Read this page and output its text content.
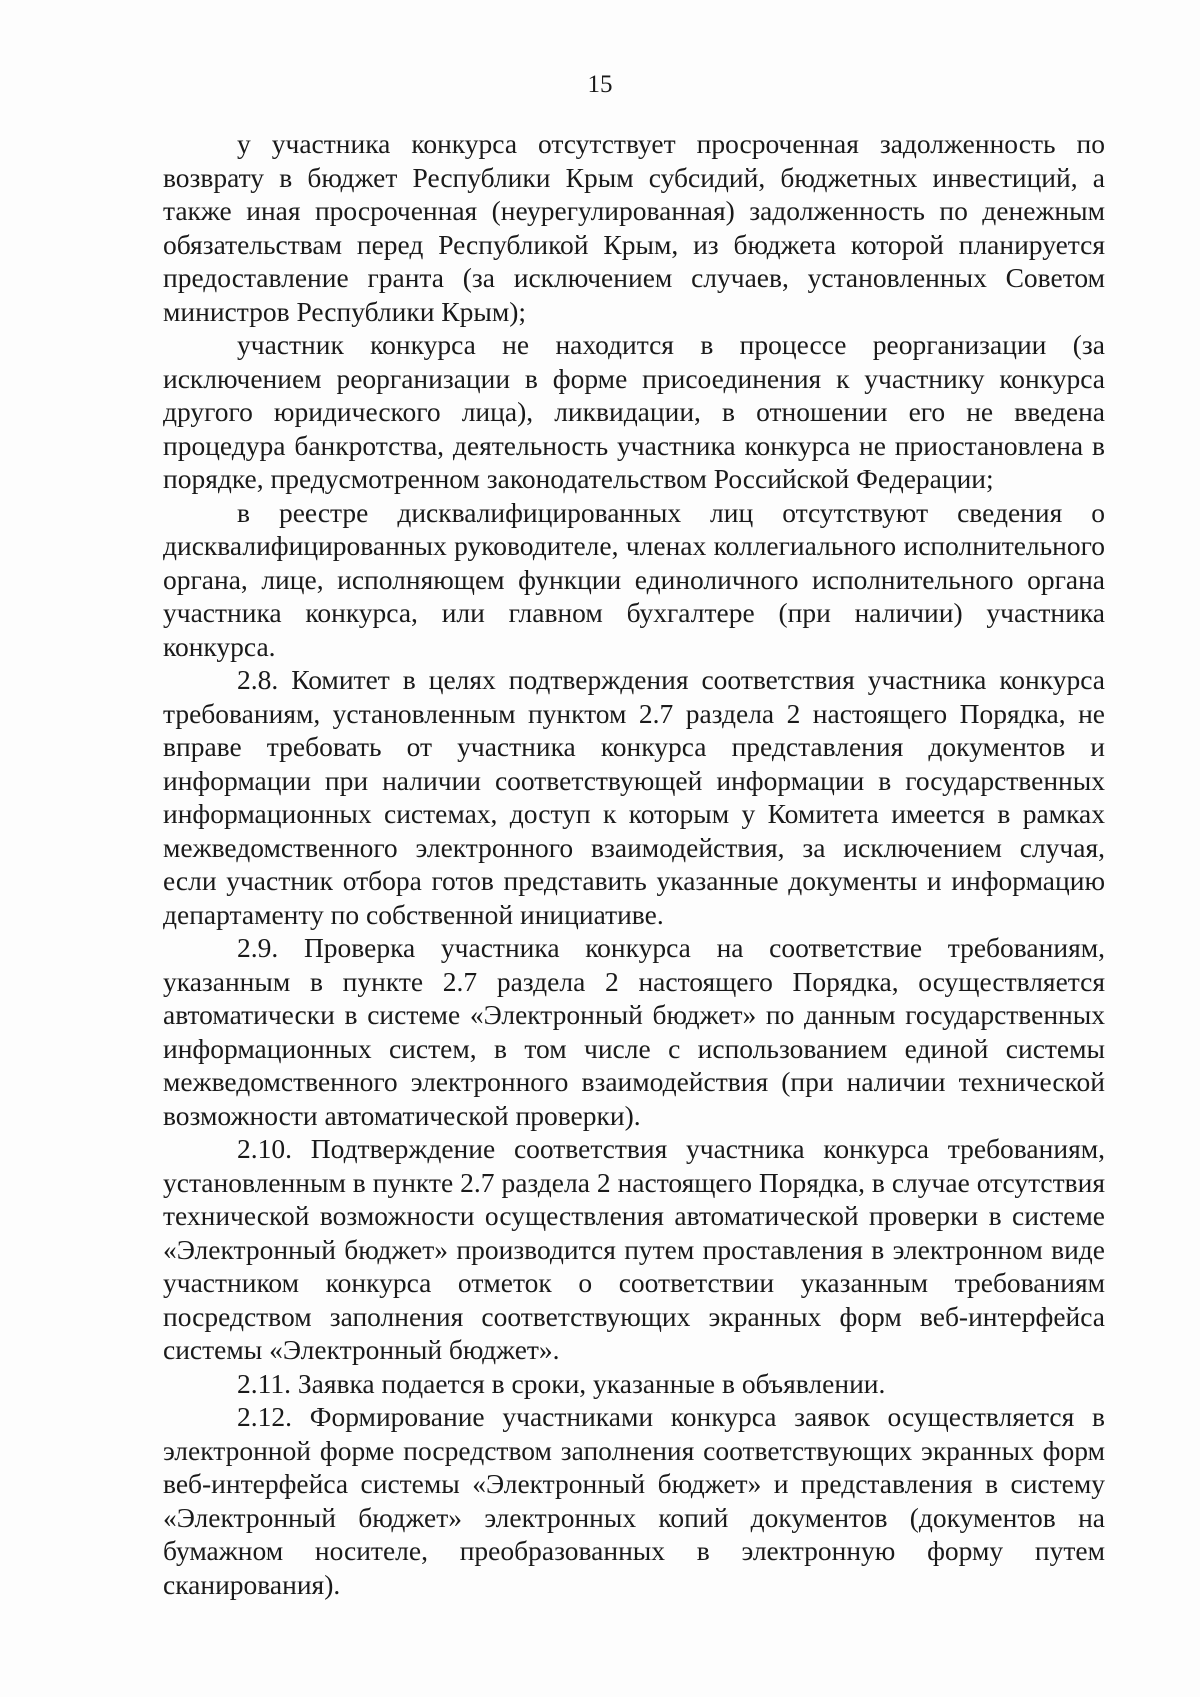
15

у участника конкурса отсутствует просроченная задолженность по возврату в бюджет Республики Крым субсидий, бюджетных инвестиций, а также иная просроченная (неурегулированная) задолженность по денежным обязательствам перед Республикой Крым, из бюджета которой планируется предоставление гранта (за исключением случаев, установленных Советом министров Республики Крым);

участник конкурса не находится в процессе реорганизации (за исключением реорганизации в форме присоединения к участнику конкурса другого юридического лица), ликвидации, в отношении его не введена процедура банкротства, деятельность участника конкурса не приостановлена в порядке, предусмотренном законодательством Российской Федерации;

в реестре дисквалифицированных лиц отсутствуют сведения о дисквалифицированных руководителе, членах коллегиального исполнительного органа, лице, исполняющем функции единоличного исполнительного органа участника конкурса, или главном бухгалтере (при наличии) участника конкурса.

2.8. Комитет в целях подтверждения соответствия участника конкурса требованиям, установленным пунктом 2.7 раздела 2 настоящего Порядка, не вправе требовать от участника конкурса представления документов и информации при наличии соответствующей информации в государственных информационных системах, доступ к которым у Комитета имеется в рамках межведомственного электронного взаимодействия, за исключением случая, если участник отбора готов представить указанные документы и информацию департаменту по собственной инициативе.

2.9. Проверка участника конкурса на соответствие требованиям, указанным в пункте 2.7 раздела 2 настоящего Порядка, осуществляется автоматически в системе «Электронный бюджет» по данным государственных информационных систем, в том числе с использованием единой системы межведомственного электронного взаимодействия (при наличии технической возможности автоматической проверки).

2.10. Подтверждение соответствия участника конкурса требованиям, установленным в пункте 2.7 раздела 2 настоящего Порядка, в случае отсутствия технической возможности осуществления автоматической проверки в системе «Электронный бюджет» производится путем проставления в электронном виде участником конкурса отметок о соответствии указанным требованиям посредством заполнения соответствующих экранных форм веб-интерфейса системы «Электронный бюджет».

2.11. Заявка подается в сроки, указанные в объявлении.

2.12. Формирование участниками конкурса заявок осуществляется в электронной форме посредством заполнения соответствующих экранных форм веб-интерфейса системы «Электронный бюджет» и представления в систему «Электронный бюджет» электронных копий документов (документов на бумажном носителе, преобразованных в электронную форму путем сканирования).
